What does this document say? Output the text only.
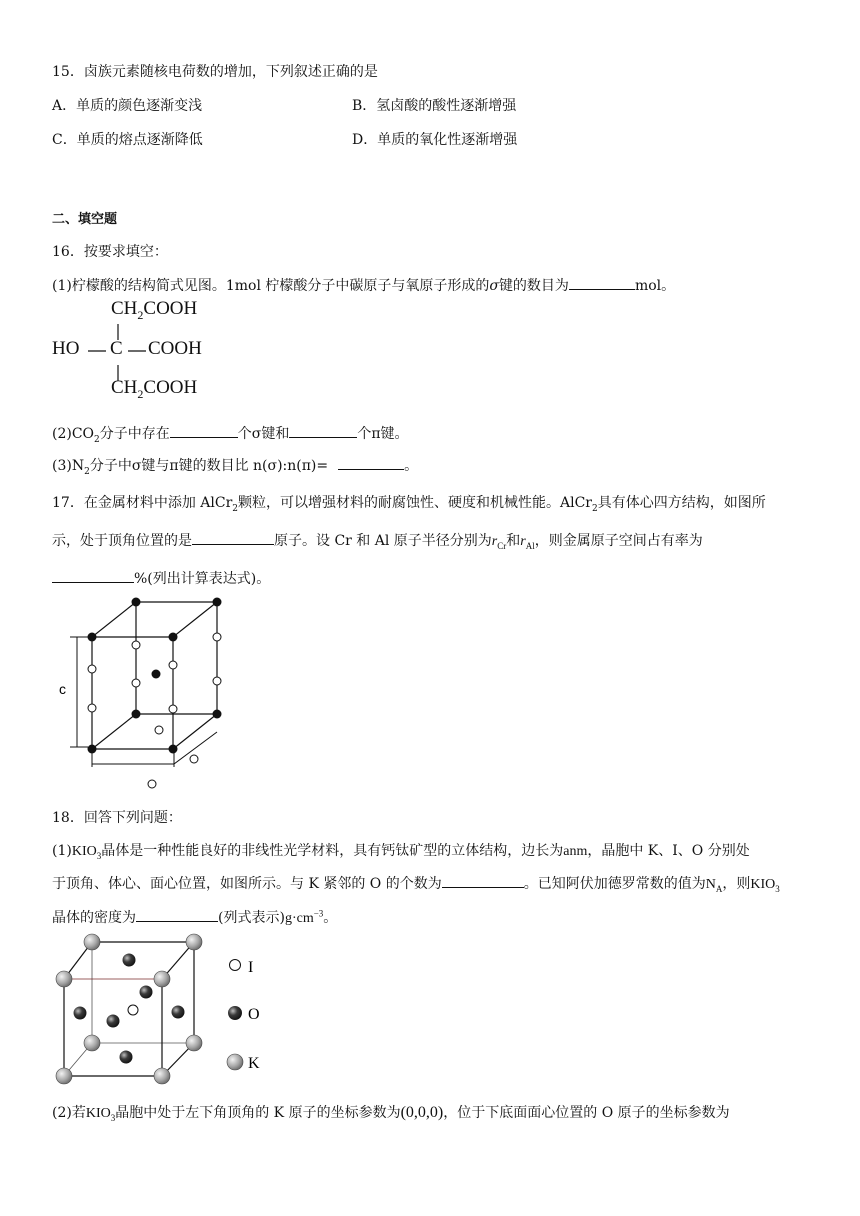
15．卤族元素随核电荷数的增加，下列叙述正确的是
A．单质的颜色逐渐变浅	B．氢卤酸的酸性逐渐增强
C．单质的熔点逐渐降低	D．单质的氧化性逐渐增强
二、填空题
16．按要求填空：
(1)柠檬酸的结构简式见图。1mol 柠檬酸分子中碳原子与氧原子形成的σ键的数目为	mol。
$CH_2COOH$
HO C COOH
$CH_2COOH$
$(2)CO_2$分子中存在	个σ键和	个π键。
$(3)N_2$分子中σ键与π键的数目比 n(σ):n(π)=	。
17．在金属材料中添加 AlCr$_2$颗粒，可以增强材料的耐腐蚀性、硬度和机械性能。AlCr$_2$具有体心四方结构，如图所
示，处于顶角位置的是	原子。设 Cr 和 Al 原子半径分别为$r_{Cr}$和$r_{Al}$，则金属原子空间占有率为
%(列出计算表达式)。
c
18．回答下列问题：
$(1)KIO_3$晶体是一种性能良好的非线性光学材料，具有钙钛矿型的立体结构，边长为anm，晶胞中 K、I、O 分别处
于顶角、体心、面心位置，如图所示。与 K 紧邻的 O 的个数为	。已知阿伏加德罗常数的值为$N_A$，则$KIO_3$
晶体的密度为	(列式表示)$g\cdot cm^{-3}$。
I
O
K
(2)若$KIO_3$晶胞中处于左下角顶角的 K 原子的坐标参数为(0,0,0)，位于下底面面心位置的 O 原子的坐标参数为
